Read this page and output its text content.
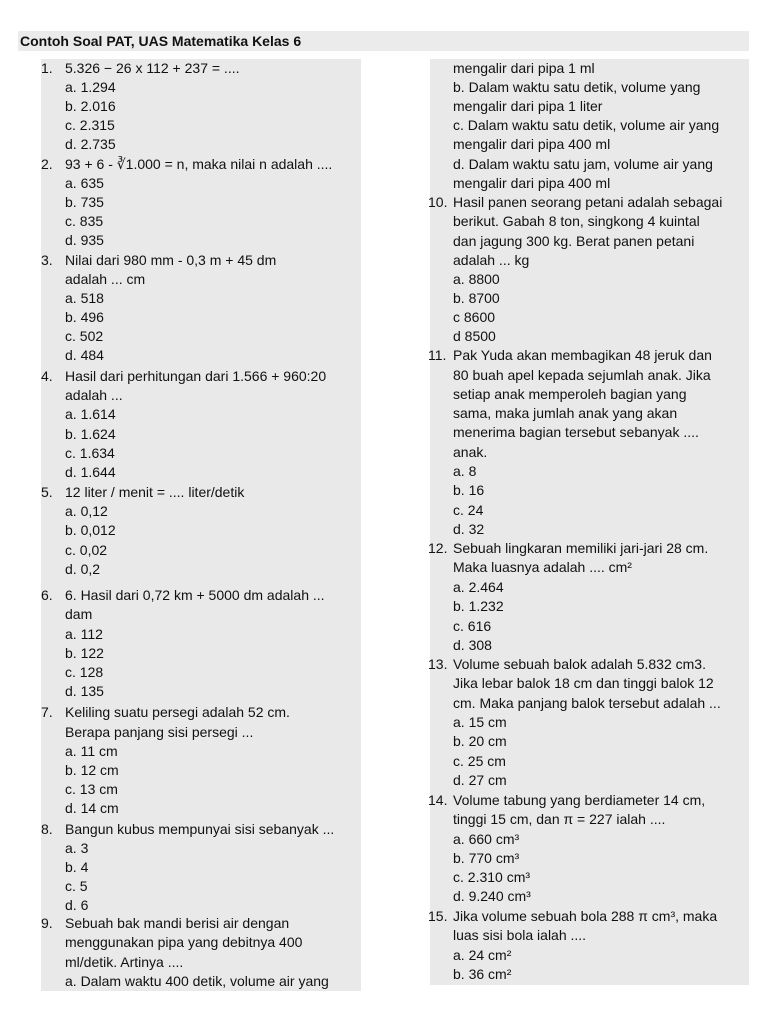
Contoh Soal PAT, UAS Matematika Kelas 6
1. 5.326 − 26 x 112 + 237 = ....
a. 1.294
b. 2.016
c. 2.315
d. 2.735
2. 93 + 6 - ∛1.000 = n, maka nilai n adalah ....
a. 635
b. 735
c. 835
d. 935
3. Nilai dari 980 mm - 0,3 m + 45 dm
adalah ... cm
a. 518
b. 496
c. 502
d. 484
4. Hasil dari perhitungan dari 1.566 + 960:20
adalah ...
a. 1.614
b. 1.624
c. 1.634
d. 1.644
5. 12 liter / menit = .... liter/detik
a. 0,12
b. 0,012
c. 0,02
d. 0,2
6. 6. Hasil dari 0,72 km + 5000 dm adalah ...
dam
a. 112
b. 122
c. 128
d. 135
7. Keliling suatu persegi adalah 52 cm.
Berapa panjang sisi persegi ...
a. 11 cm
b. 12 cm
c. 13 cm
d. 14 cm
8. Bangun kubus mempunyai sisi sebanyak ...
a. 3
b. 4
c. 5
d. 6
9. Sebuah bak mandi berisi air dengan
menggunakan pipa yang debitnya 400
ml/detik. Artinya ....
a. Dalam waktu 400 detik, volume air yang
mengalir dari pipa 1 ml
b. Dalam waktu satu detik, volume yang
mengalir dari pipa 1 liter
c. Dalam waktu satu detik, volume air yang
mengalir dari pipa 400 ml
d. Dalam waktu satu jam, volume air yang
mengalir dari pipa 400 ml
10. Hasil panen seorang petani adalah sebagai
berikut. Gabah 8 ton, singkong 4 kuintal
dan jagung 300 kg. Berat panen petani
adalah ... kg
a. 8800
b. 8700
c 8600
d 8500
11. Pak Yuda akan membagikan 48 jeruk dan
80 buah apel kepada sejumlah anak. Jika
setiap anak memperoleh bagian yang
sama, maka jumlah anak yang akan
menerima bagian tersebut sebanyak ....
anak.
a. 8
b. 16
c. 24
d. 32
12. Sebuah lingkaran memiliki jari-jari 28 cm.
Maka luasnya adalah .... cm²
a. 2.464
b. 1.232
c. 616
d. 308
13. Volume sebuah balok adalah 5.832 cm3.
Jika lebar balok 18 cm dan tinggi balok 12
cm. Maka panjang balok tersebut adalah ...
a. 15 cm
b. 20 cm
c. 25 cm
d. 27 cm
14. Volume tabung yang berdiameter 14 cm,
tinggi 15 cm, dan π = 227 ialah ....
a. 660 cm³
b. 770 cm³
c. 2.310 cm³
d. 9.240 cm³
15. Jika volume sebuah bola 288 π cm³, maka
luas sisi bola ialah ....
a. 24 cm²
b. 36 cm²
